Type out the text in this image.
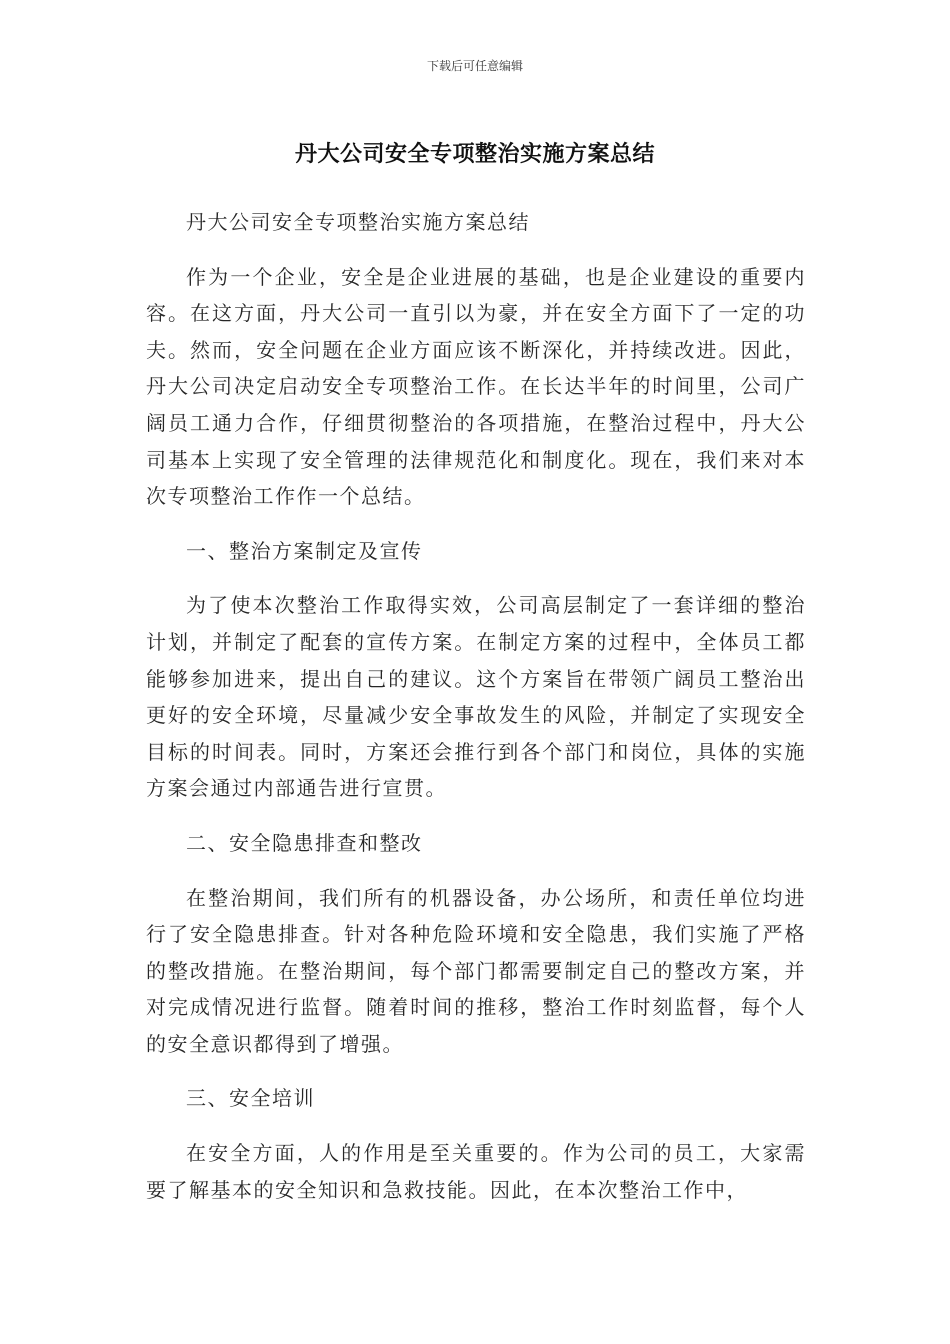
下载后可任意编辑
丹大公司安全专项整治实施方案总结

丹大公司安全专项整治实施方案总结

作为一个企业，安全是企业进展的基础，也是企业建设的重要内容。在这方面，丹大公司一直引以为豪，并在安全方面下了一定的功夫。然而，安全问题在企业方面应该不断深化，并持续改进。因此，丹大公司决定启动安全专项整治工作。在长达半年的时间里，公司广阔员工通力合作，仔细贯彻整治的各项措施，在整治过程中，丹大公司基本上实现了安全管理的法律规范化和制度化。现在，我们来对本次专项整治工作作一个总结。

一、整治方案制定及宣传

为了使本次整治工作取得实效，公司高层制定了一套详细的整治计划，并制定了配套的宣传方案。在制定方案的过程中，全体员工都能够参加进来，提出自己的建议。这个方案旨在带领广阔员工整治出更好的安全环境，尽量减少安全事故发生的风险，并制定了实现安全目标的时间表。同时，方案还会推行到各个部门和岗位，具体的实施方案会通过内部通告进行宣贯。

二、安全隐患排查和整改

在整治期间，我们所有的机器设备，办公场所，和责任单位均进行了安全隐患排查。针对各种危险环境和安全隐患，我们实施了严格的整改措施。在整治期间，每个部门都需要制定自己的整改方案，并对完成情况进行监督。随着时间的推移，整治工作时刻监督，每个人的安全意识都得到了增强。

三、安全培训

在安全方面，人的作用是至关重要的。作为公司的员工，大家需要了解基本的安全知识和急救技能。因此，在本次整治工作中，
